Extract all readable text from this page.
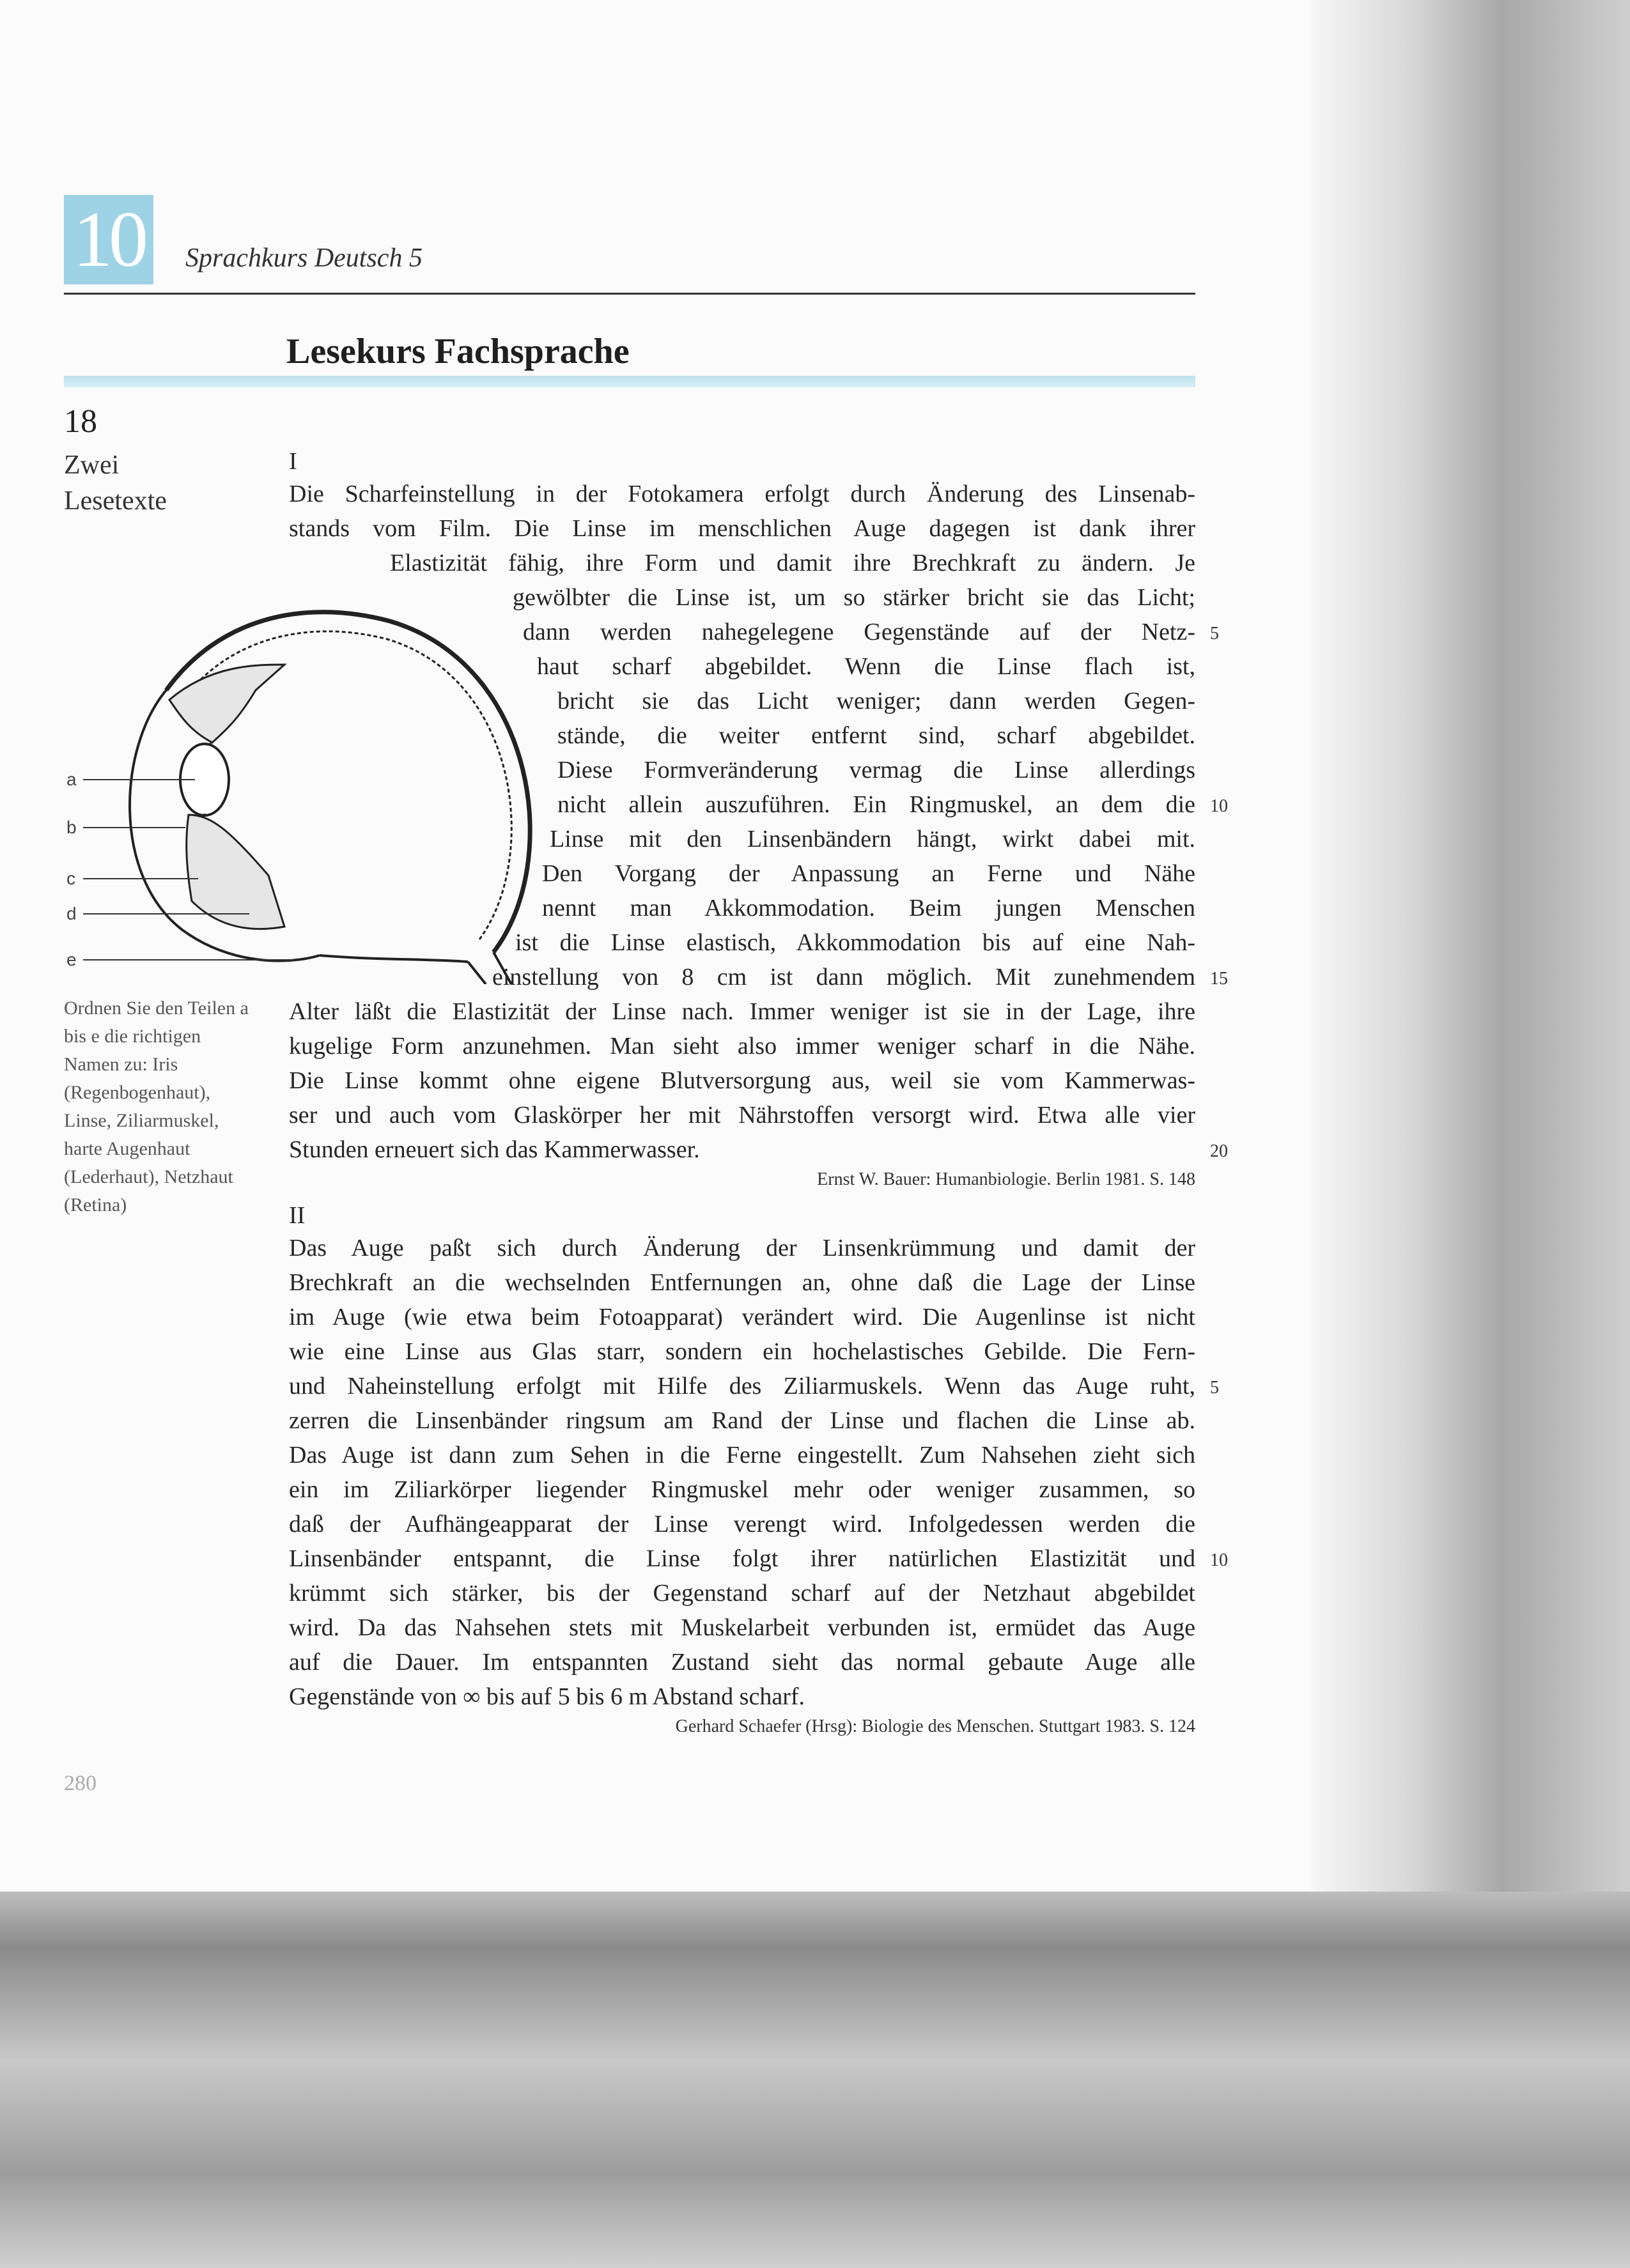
10	Sprachkurs Deutsch 5
Lesekurs Fachsprache
18
Zwei
Lesetexte
a
b
c
d
e
Ordnen Sie den Teilen a bis e die richtigen Namen zu: Iris (Regenbogenhaut), Linse, Ziliarmuskel, harte Augenhaut (Lederhaut), Netzhaut (Retina)
I
Die Scharfeinstellung in der Fotokamera erfolgt durch Änderung des Linsenab-
stands vom Film. Die Linse im menschlichen Auge dagegen ist dank ihrer
Elastizität fähig, ihre Form und damit ihre Brechkraft zu ändern. Je
gewölbter die Linse ist, um so stärker bricht sie das Licht;
dann werden nahegelegene Gegenstände auf der Netz-
haut scharf abgebildet. Wenn die Linse flach ist,
bricht sie das Licht weniger; dann werden Gegen-
stände, die weiter entfernt sind, scharf abgebildet.
Diese Formveränderung vermag die Linse allerdings
nicht allein auszuführen. Ein Ringmuskel, an dem die
Linse mit den Linsenbändern hängt, wirkt dabei mit.
Den Vorgang der Anpassung an Ferne und Nähe
nennt man Akkommodation. Beim jungen Menschen
ist die Linse elastisch, Akkommodation bis auf eine Nah-
einstellung von 8 cm ist dann möglich. Mit zunehmendem
Alter läßt die Elastizität der Linse nach. Immer weniger ist sie in der Lage, ihre
kugelige Form anzunehmen. Man sieht also immer weniger scharf in die Nähe.
Die Linse kommt ohne eigene Blutversorgung aus, weil sie vom Kammerwas-
ser und auch vom Glaskörper her mit Nährstoffen versorgt wird. Etwa alle vier
Stunden erneuert sich das Kammerwasser.
5
10
15
20
Ernst W. Bauer: Humanbiologie. Berlin 1981. S. 148
II
Das Auge paßt sich durch Änderung der Linsenkrümmung und damit der
Brechkraft an die wechselnden Entfernungen an, ohne daß die Lage der Linse
im Auge (wie etwa beim Fotoapparat) verändert wird. Die Augenlinse ist nicht
wie eine Linse aus Glas starr, sondern ein hochelastisches Gebilde. Die Fern-
und Naheinstellung erfolgt mit Hilfe des Ziliarmuskels. Wenn das Auge ruht,
zerren die Linsenbänder ringsum am Rand der Linse und flachen die Linse ab.
Das Auge ist dann zum Sehen in die Ferne eingestellt. Zum Nahsehen zieht sich
ein im Ziliarkörper liegender Ringmuskel mehr oder weniger zusammen, so
daß der Aufhängeapparat der Linse verengt wird. Infolgedessen werden die
Linsenbänder entspannt, die Linse folgt ihrer natürlichen Elastizität und
krümmt sich stärker, bis der Gegenstand scharf auf der Netzhaut abgebildet
wird. Da das Nahsehen stets mit Muskelarbeit verbunden ist, ermüdet das Auge
auf die Dauer. Im entspannten Zustand sieht das normal gebaute Auge alle
Gegenstände von ∞ bis auf 5 bis 6 m Abstand scharf.
5
10
Gerhard Schaefer (Hrsg): Biologie des Menschen. Stuttgart 1983. S. 124
280
